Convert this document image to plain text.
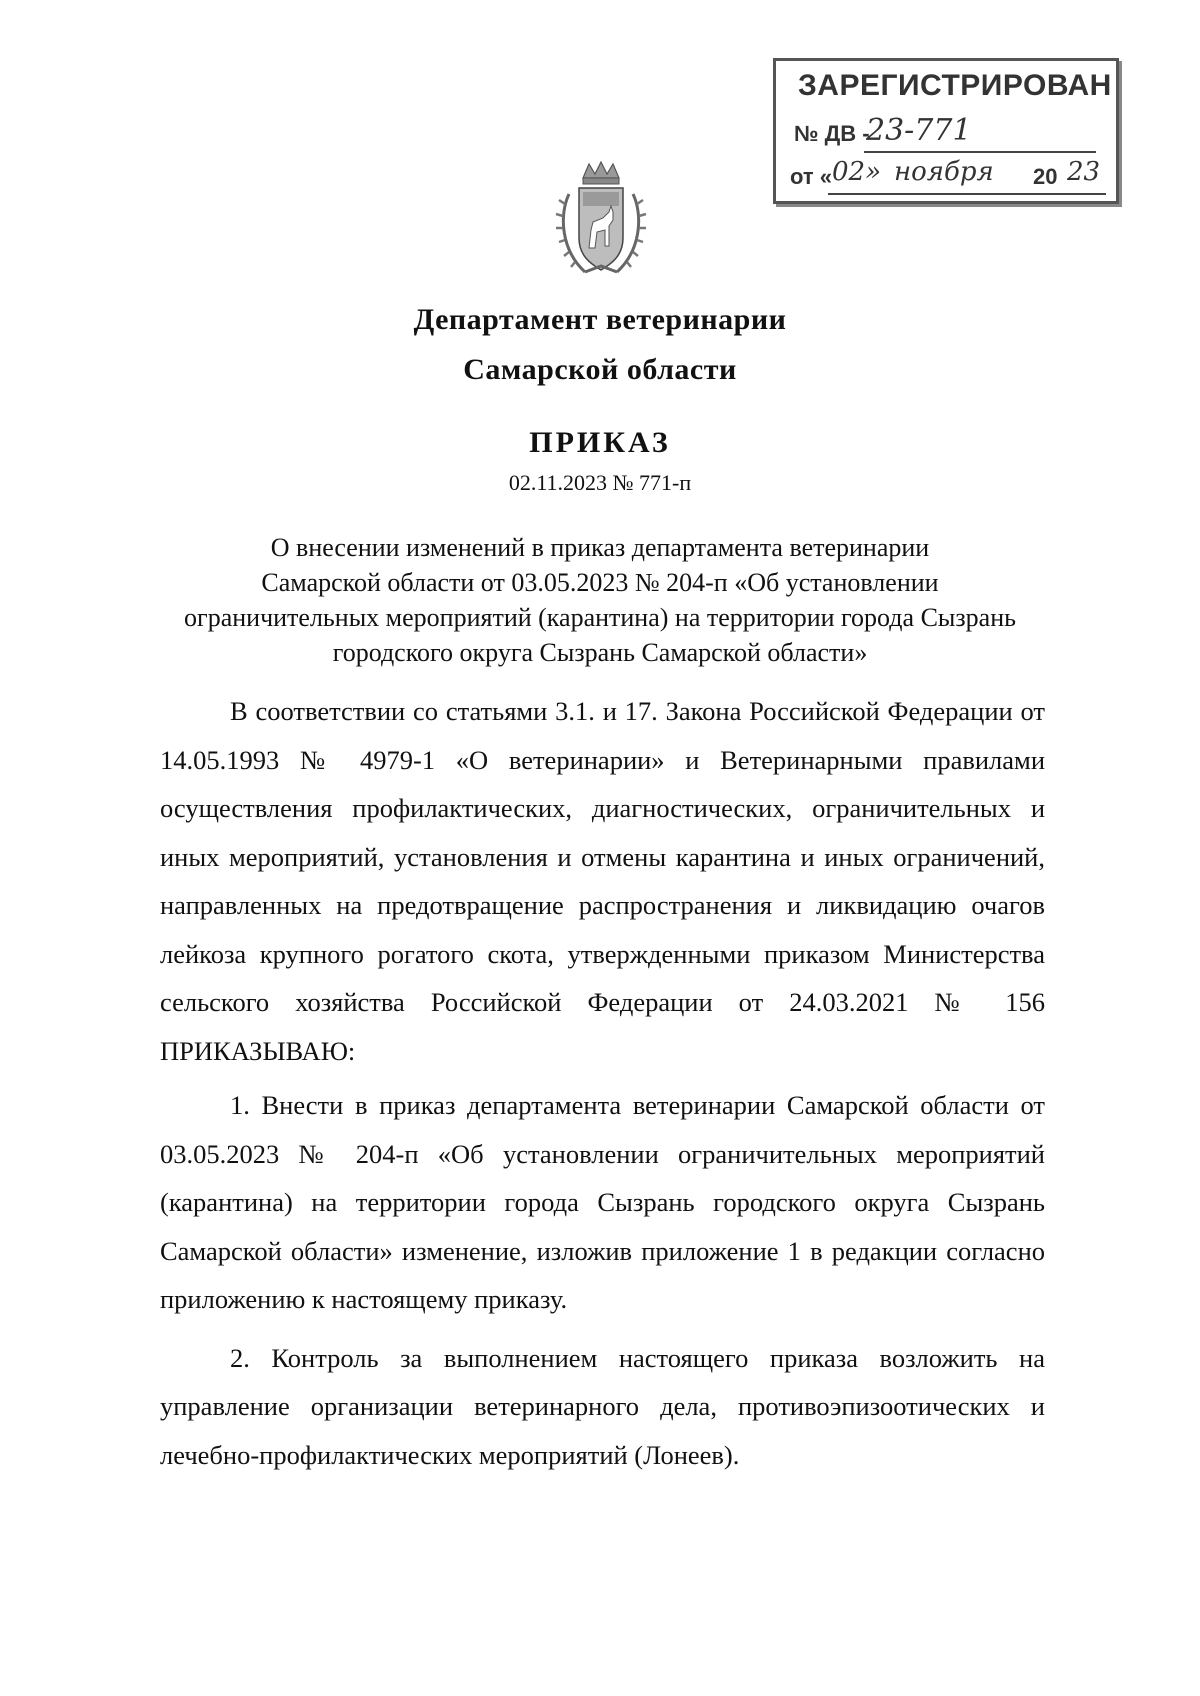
ЗАРЕГИСТРИРОВАН
№ ДВ -
23-771
от « 02» ноября 20 23
Департамент ветеринарии
Самарской области
ПРИКАЗ
02.11.2023 № 771-п
О внесении изменений в приказ департамента ветеринарии
Самарской области от 03.05.2023 № 204-п «Об установлении
ограничительных мероприятий (карантина) на территории города Сызрань
городского округа Сызрань Самарской области»

В соответствии со статьями 3.1. и 17. Закона Российской Федерации от 14.05.1993 № 4979-1 «О ветеринарии» и Ветеринарными правилами осуществления профилактических, диагностических, ограничительных и иных мероприятий, установления и отмены карантина и иных ограничений, направленных на предотвращение распространения и ликвидацию очагов лейкоза крупного рогатого скота, утвержденными приказом Министерства сельского хозяйства Российской Федерации от 24.03.2021 № 156 ПРИКАЗЫВАЮ:

1. Внести в приказ департамента ветеринарии Самарской области от 03.05.2023 № 204-п «Об установлении ограничительных мероприятий (карантина) на территории города Сызрань городского округа Сызрань Самарской области» изменение, изложив приложение 1 в редакции согласно приложению к настоящему приказу.

2. Контроль за выполнением настоящего приказа возложить на управление организации ветеринарного дела, противоэпизоотических и лечебно-профилактических мероприятий (Лонеев).
